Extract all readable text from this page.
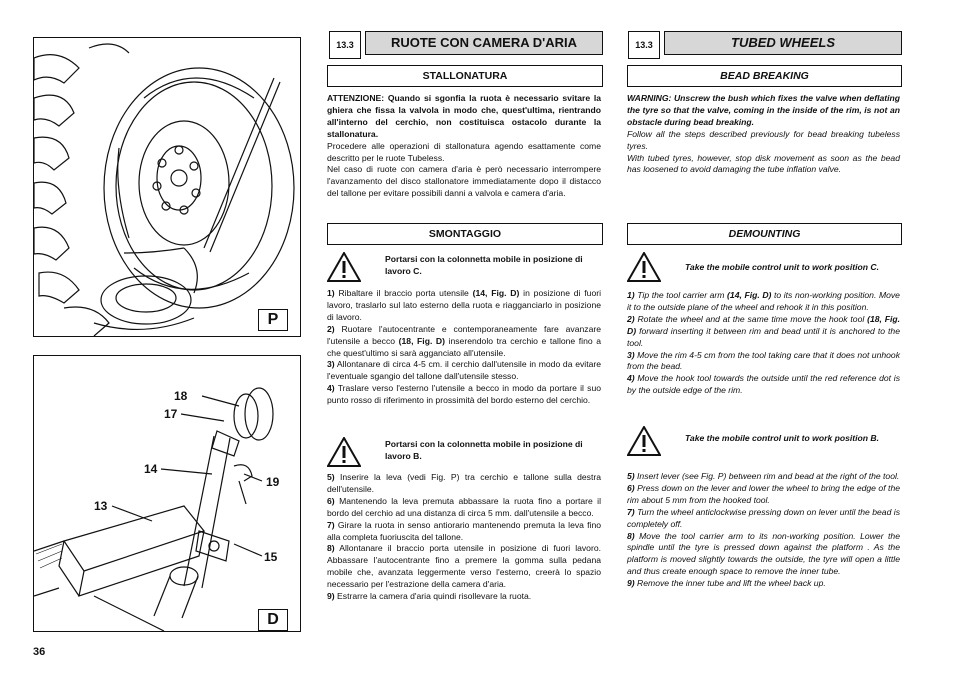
P
18
17
14
19
13
15
D
36
13.3	RUOTE CON CAMERA D'ARIA
STALLONATURA

ATTENZIONE: Quando si sgonfia la ruota è necessario svitare la ghiera che fissa la valvola in modo che, quest'ultima, rientrando all'interno del cerchio, non costituisca ostacolo durante la stallonatura.

Procedere alle operazioni di stallonatura agendo esattamente come descritto per le ruote Tubeless.

Nel caso di ruote con camera d'aria è però necessario interrompere l'avanzamento del disco stallonatore immediatamente dopo il distacco del tallone per evitare possibili danni a valvola e camera d'aria.

SMONTAGGIO
Portarsi con la colonnetta mobile in posizione di lavoro C.

1) Ribaltare il braccio porta utensile (14, Fig. D) in posizione di fuori lavoro, traslarlo sul lato esterno della ruota e riagganciarlo in posizione di lavoro.

2) Ruotare l'autocentrante e contemporaneamente fare avanzare l'utensile a becco (18, Fig. D) inserendolo tra cerchio e tallone fino a che quest'ultimo si sarà agganciato all'utensile.

3) Allontanare di circa 4-5 cm. il cerchio dall'utensile in modo da evitare l'eventuale sgangio del tallone dall'utensile stesso.

4) Traslare verso l'esterno l'utensile a becco in modo da portare il suo punto rosso di riferimento in prossimità del bordo esterno del cerchio.

Portarsi con la colonnetta mobile in posizione di lavoro B.

5) Inserire la leva (vedi Fig. P) tra cerchio e tallone sulla destra dell'utensile.

6) Mantenendo la leva premuta abbassare la ruota fino a portare il bordo del cerchio ad una distanza di circa 5 mm. dall'utensile a becco.

7) Girare la ruota in senso antiorario mantenendo premuta la leva fino alla completa fuoriuscita del tallone.

8) Allontanare il braccio porta utensile in posizione di fuori lavoro. Abbassare l'autocentrante fino a premere la gomma sulla pedana mobile che, avanzata leggermente verso l'esterno, creerà lo spazio necessario per l'estrazione della camera d'aria.

9) Estrarre la camera d'aria quindi risollevare la ruota.

13.3	TUBED WHEELS
BEAD BREAKING

WARNING: Unscrew the bush which fixes the valve when deflating the tyre so that the valve, coming in the inside of the rim, is not an obstacle during bead breaking.

Follow all the steps described previously for bead breaking tubeless tyres.

With tubed tyres, however, stop disk movement as soon as the bead has loosened to avoid damaging the tube inflation valve.

DEMOUNTING
Take the mobile control unit to work position C.

1) Tip the tool carrier arm (14, Fig. D) to its non-working position. Move it to the outside plane of the wheel and rehook it in this position.

2) Rotate the wheel and at the same time move the hook tool (18, Fig. D) forward inserting it between rim and bead until it is anchored to the tool.

3) Move the rim 4-5 cm from the tool taking care that it does not unhook from the bead.

4) Move the hook tool towards the outside until the red reference dot is by the outside edge of the rim.

Take the mobile control unit to work position B.

5) Insert lever (see Fig. P) between rim and bead at the right of the tool.

6) Press down on the lever and lower the wheel to bring the edge of the rim about 5 mm from the hooked tool.

7) Turn the wheel anticlockwise pressing down on lever until the bead is completely off.

8) Move the tool carrier arm to its non-working position. Lower the spindle until the tyre is pressed down against the platform . As the platform is moved slightly towards the outside, the tyre will open a little and thus create enough space to remove the inner tube.

9) Remove the inner tube and lift the wheel back up.
